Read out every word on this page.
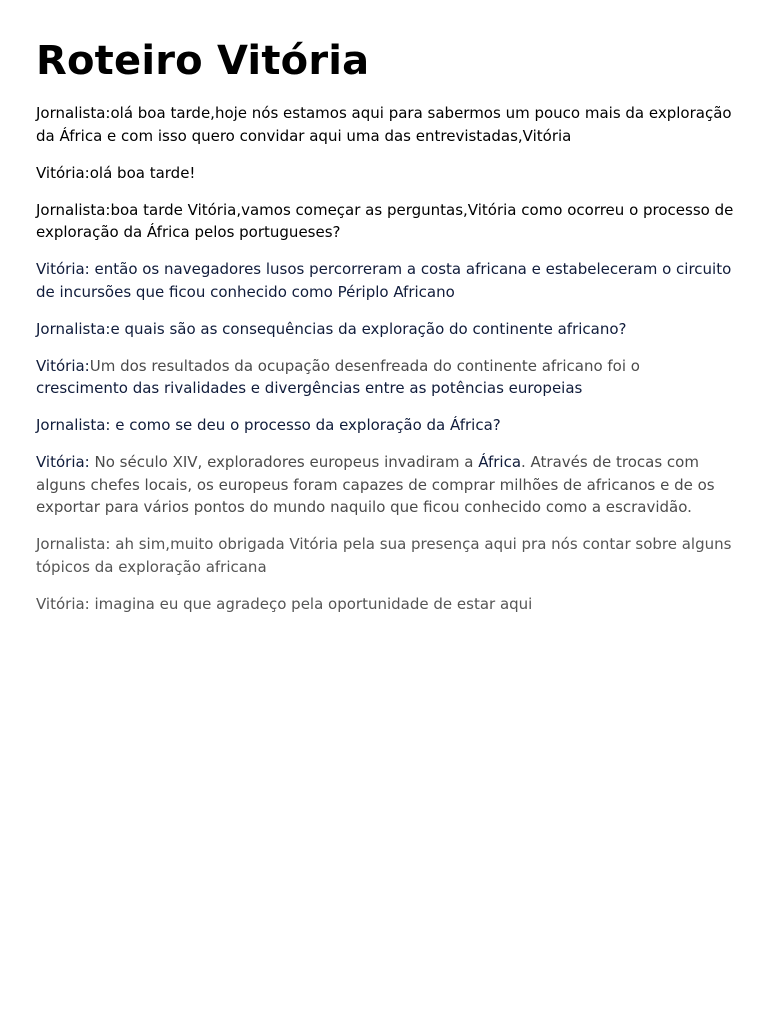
Roteiro Vitória

Jornalista:olá boa tarde,hoje nós estamos aqui para sabermos um pouco mais da exploração da África e com isso quero convidar aqui uma das entrevistadas,Vitória

Vitória:olá boa tarde!

Jornalista:boa tarde Vitória,vamos começar as perguntas,Vitória como ocorreu o processo de exploração da África pelos portugueses?

Vitória: então os navegadores lusos percorreram a costa africana e estabeleceram o circuito de incursões que ficou conhecido como Périplo Africano

Jornalista:e quais são as consequências da exploração do continente africano?

Vitória:Um dos resultados da ocupação desenfreada do continente africano foi o crescimento das rivalidades e divergências entre as potências europeias

Jornalista: e como se deu o processo da exploração da África?

Vitória: No século XIV, exploradores europeus invadiram a África. Através de trocas com alguns chefes locais, os europeus foram capazes de comprar milhões de africanos e de os exportar para vários pontos do mundo naquilo que ficou conhecido como a escravidão.

Jornalista: ah sim,muito obrigada Vitória pela sua presença aqui pra nós contar sobre alguns tópicos da exploração africana

Vitória: imagina eu que agradeço pela oportunidade de estar aqui
